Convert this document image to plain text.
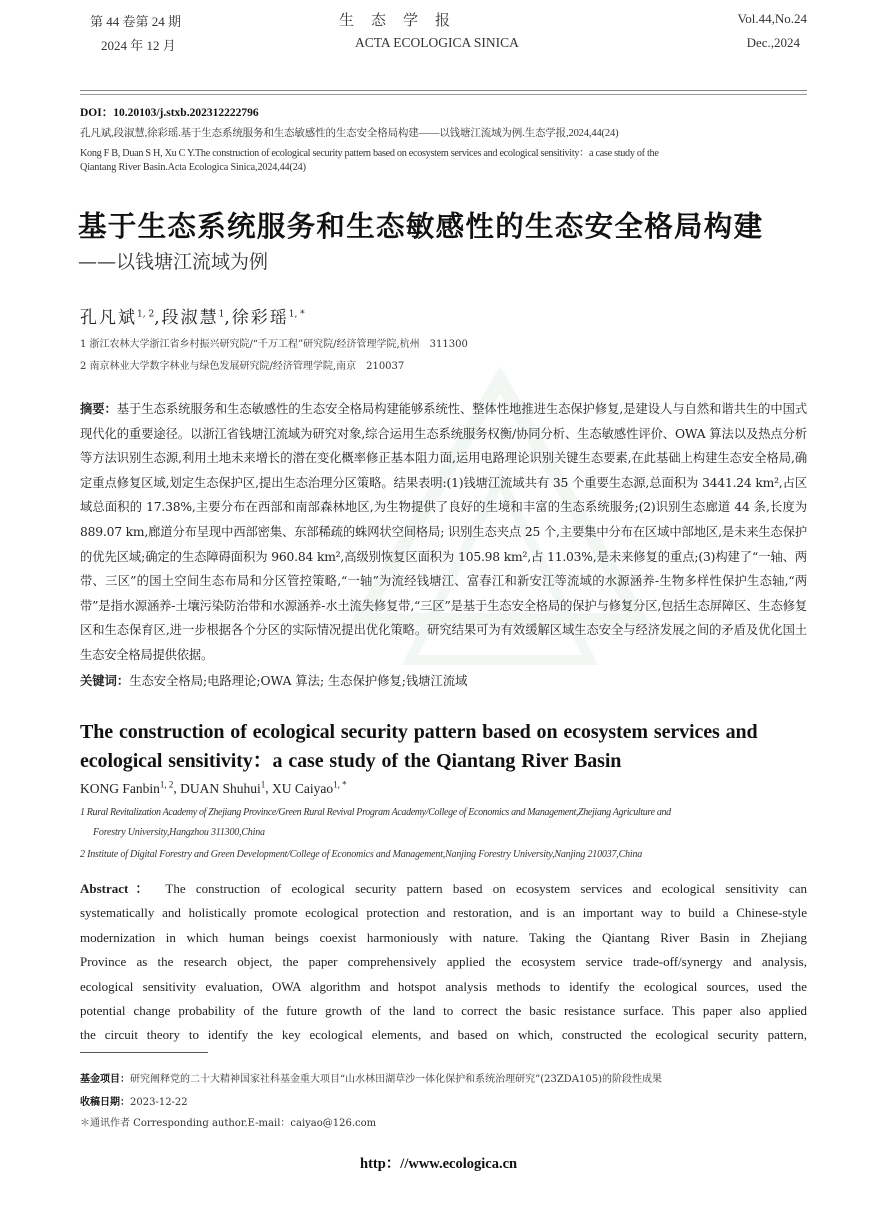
第 44 卷第 24 期
2024 年 12 月
生　态　学　报
ACTA ECOLOGICA SINICA
Vol.44,No.24
Dec.,2024
DOI：10.20103/j.stxb.202312222796
孔凡斌,段淑慧,徐彩瑶.基于生态系统服务和生态敏感性的生态安全格局构建——以钱塘江流域为例.生态学报,2024,44(24)
Kong F B, Duan S H, Xu C Y.The construction of ecological security pattern based on ecosystem services and ecological sensitivity：a case study of the
Qiantang River Basin.Acta Ecologica Sinica,2024,44(24)
基于生态系统服务和生态敏感性的生态安全格局构建
——以钱塘江流域为例
孔凡斌$^{1, 2}$,段淑慧$^1$,徐彩瑶$^{1, *}$
1 浙江农林大学浙江省乡村振兴研究院/“千万工程”研究院/经济管理学院,杭州　311300
2 南京林业大学数字林业与绿色发展研究院/经济管理学院,南京　210037
摘要：基于生态系统服务和生态敏感性的生态安全格局构建能够系统性、整体性地推进生态保护修复,是建设人与自然和谐共生的中国式现代化的重要途径。以浙江省钱塘江流域为研究对象,综合运用生态系统服务权衡/协同分析、生态敏感性评价、OWA 算法以及热点分析等方法识别生态源,利用土地未来增长的潜在变化概率修正基本阻力面,运用电路理论识别关键生态要素,在此基础上构建生态安全格局,确定重点修复区域,划定生态保护区,提出生态治理分区策略。结果表明:(1)钱塘江流域共有 35 个重要生态源,总面积为 3441.24 km²,占区域总面积的 17.38%,主要分布在西部和南部森林地区,为生物提供了良好的生境和丰富的生态系统服务;(2)识别生态廊道 44 条,长度为 889.07 km,廊道分布呈现中西部密集、东部稀疏的蛛网状空间格局; 识别生态夹点 25 个,主要集中分布在区域中部地区,是未来生态保护的优先区域;确定的生态障碍面积为 960.84 km²,高级别恢复区面积为 105.98 km²,占 11.03%,是未来修复的重点;(3)构建了“一轴、两带、三区”的国土空间生态布局和分区管控策略,“一轴”为流经钱塘江、富春江和新安江等流域的水源涵养-生物多样性保护生态轴,“两带”是指水源涵养-土壤污染防治带和水源涵养-水土流失修复带,“三区”是基于生态安全格局的保护与修复分区,包括生态屏障区、生态修复区和生态保育区,进一步根据各个分区的实际情况提出优化策略。研究结果可为有效缓解区域生态安全与经济发展之间的矛盾及优化国土生态安全格局提供依据。
关键词：生态安全格局;电路理论;OWA 算法; 生态保护修复;钱塘江流域
The construction of ecological security pattern based on ecosystem services and ecological sensitivity：a case study of the Qiantang River Basin
KONG Fanbin$^{1, 2}$, DUAN Shuhui$^1$, XU Caiyao$^{1, *}$
1 Rural Revitalization Academy of Zhejiang Province/Green Rural Revival Program Academy/College of Economics and Management,Zhejiang Agriculture and
Forestry University,Hangzhou 311300,China
2 Institute of Digital Forestry and Green Development/College of Economics and Management,Nanjing Forestry University,Nanjing 210037,China
Abstract： The construction of ecological security pattern based on ecosystem services and ecological sensitivity can
systematically and holistically promote ecological protection and restoration, and is an important way to build a Chinese-style
modernization in which human beings coexist harmoniously with nature. Taking the Qiantang River Basin in Zhejiang
Province as the research object, the paper comprehensively applied the ecosystem service trade-off/synergy and analysis,
ecological sensitivity evaluation, OWA algorithm and hotspot analysis methods to identify the ecological sources, used the
potential change probability of the future growth of the land to correct the basic resistance surface. This paper also applied
the circuit theory to identify the key ecological elements, and based on which, constructed the ecological security pattern,
基金项目：研究阐释党的二十大精神国家社科基金重大项目“山水林田湖草沙一体化保护和系统治理研究”(23ZDA105)的阶段性成果
收稿日期：2023-12-22
＊通讯作者 Corresponding author.E-mail：caiyao@126.com
http：//www.ecologica.cn
